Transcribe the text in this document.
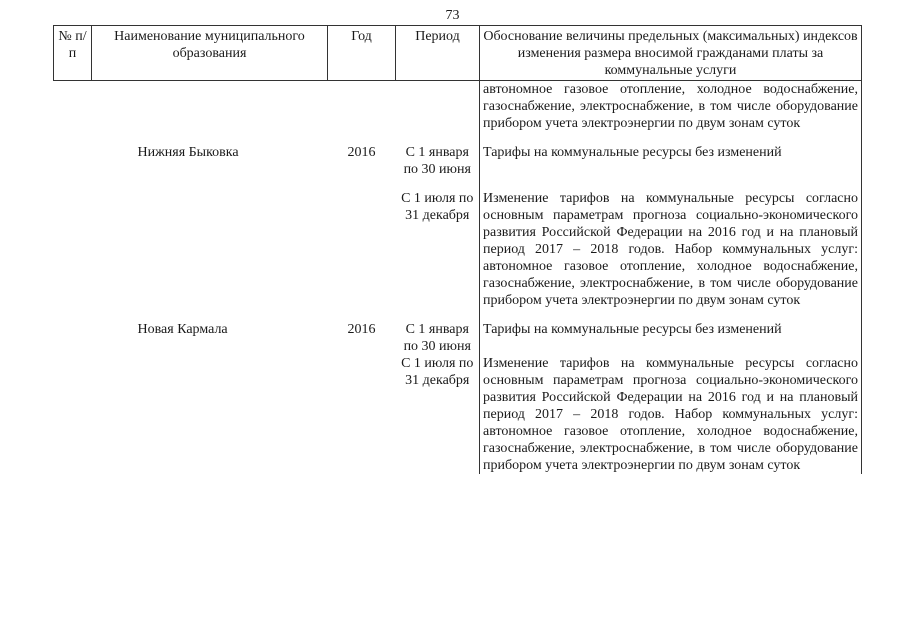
73
№ п/п	Наименование муниципального образования	Год	Период	Обоснование величины предельных (максимальных) индексов изменения размера вносимой гражданами платы за коммунальные услуги
				автономное газовое отопление, холодное водоснабжение, газоснабжение, электроснабжение, в том числе оборудование прибором учета электроэнергии по двум зонам суток

	Нижняя Быковка	2016	С 1 января по 30 июня	Тарифы на коммунальные ресурсы без изменений

			С 1 июля по 31 декабря	Изменение тарифов на коммунальные ресурсы согласно основным параметрам прогноза социально-экономического развития Российской Федерации на 2016 год и на плановый период 2017 – 2018 годов. Набор коммунальных услуг: автономное газовое отопление, холодное водоснабжение, газоснабжение, электроснабжение, в том числе оборудование прибором учета электроэнергии по двум зонам суток

	Новая Кармала	2016	С 1 января по 30 июня	Тарифы на коммунальные ресурсы без изменений
			С 1 июля по 31 декабря	Изменение тарифов на коммунальные ресурсы согласно основным параметрам прогноза социально-экономического развития Российской Федерации на 2016 год и на плановый период 2017 – 2018 годов. Набор коммунальных услуг: автономное газовое отопление, холодное водоснабжение, газоснабжение, электроснабжение, в том числе оборудование прибором учета электроэнергии по двум зонам суток
